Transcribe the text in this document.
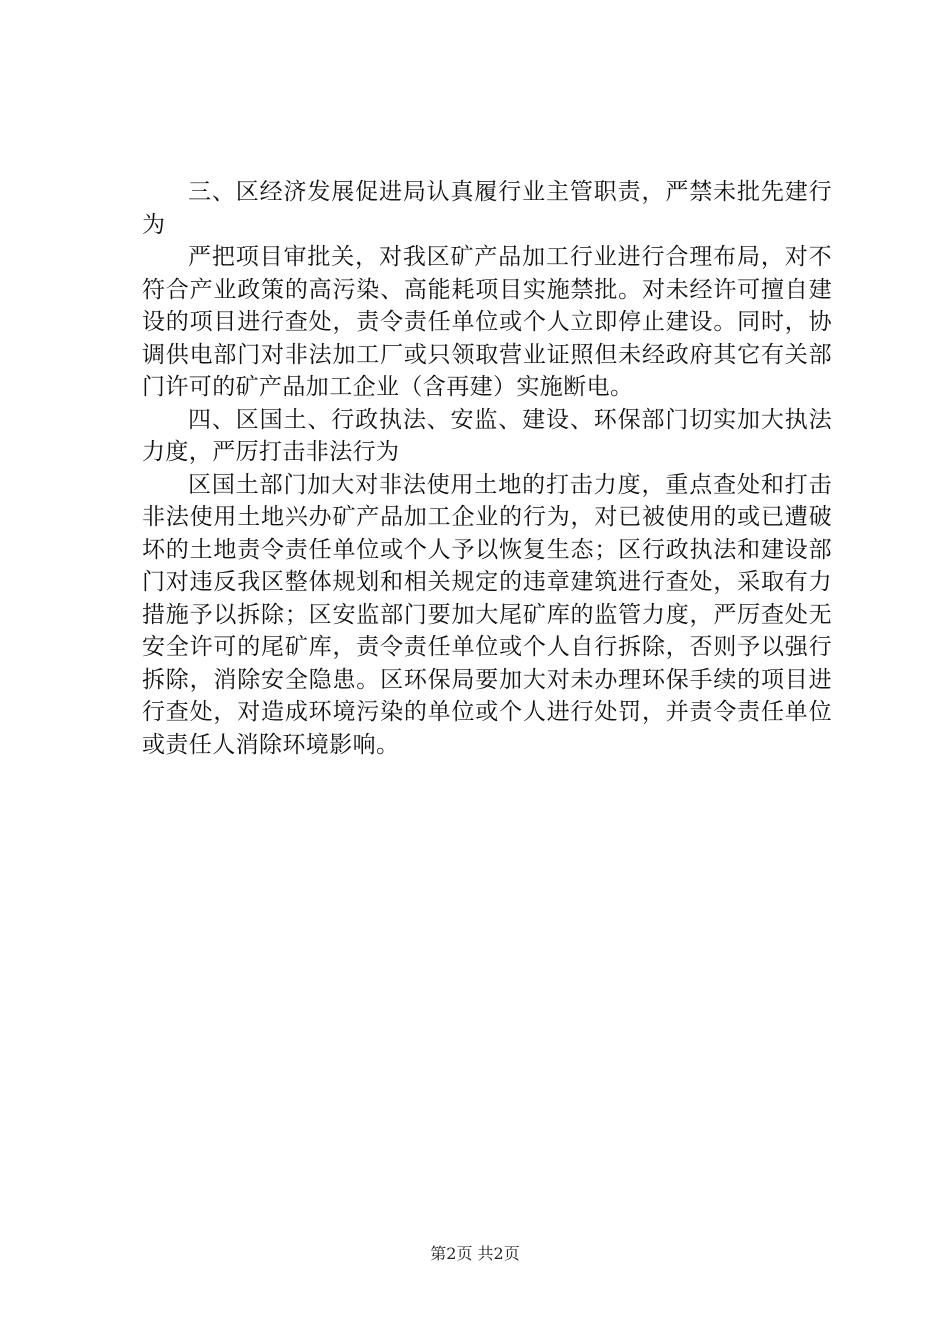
三、区经济发展促进局认真履行业主管职责，严禁未批先建行为

严把项目审批关，对我区矿产品加工行业进行合理布局，对不符合产业政策的高污染、高能耗项目实施禁批。对未经许可擅自建设的项目进行查处，责令责任单位或个人立即停止建设。同时，协调供电部门对非法加工厂或只领取营业证照但未经政府其它有关部门许可的矿产品加工企业（含再建）实施断电。

四、区国土、行政执法、安监、建设、环保部门切实加大执法力度，严厉打击非法行为

区国土部门加大对非法使用土地的打击力度，重点查处和打击非法使用土地兴办矿产品加工企业的行为，对已被使用的或已遭破坏的土地责令责任单位或个人予以恢复生态；区行政执法和建设部门对违反我区整体规划和相关规定的违章建筑进行查处，采取有力措施予以拆除；区安监部门要加大尾矿库的监管力度，严厉查处无安全许可的尾矿库，责令责任单位或个人自行拆除，否则予以强行拆除，消除安全隐患。区环保局要加大对未办理环保手续的项目进行查处，对造成环境污染的单位或个人进行处罚，并责令责任单位或责任人消除环境影响。

第2页 共2页
